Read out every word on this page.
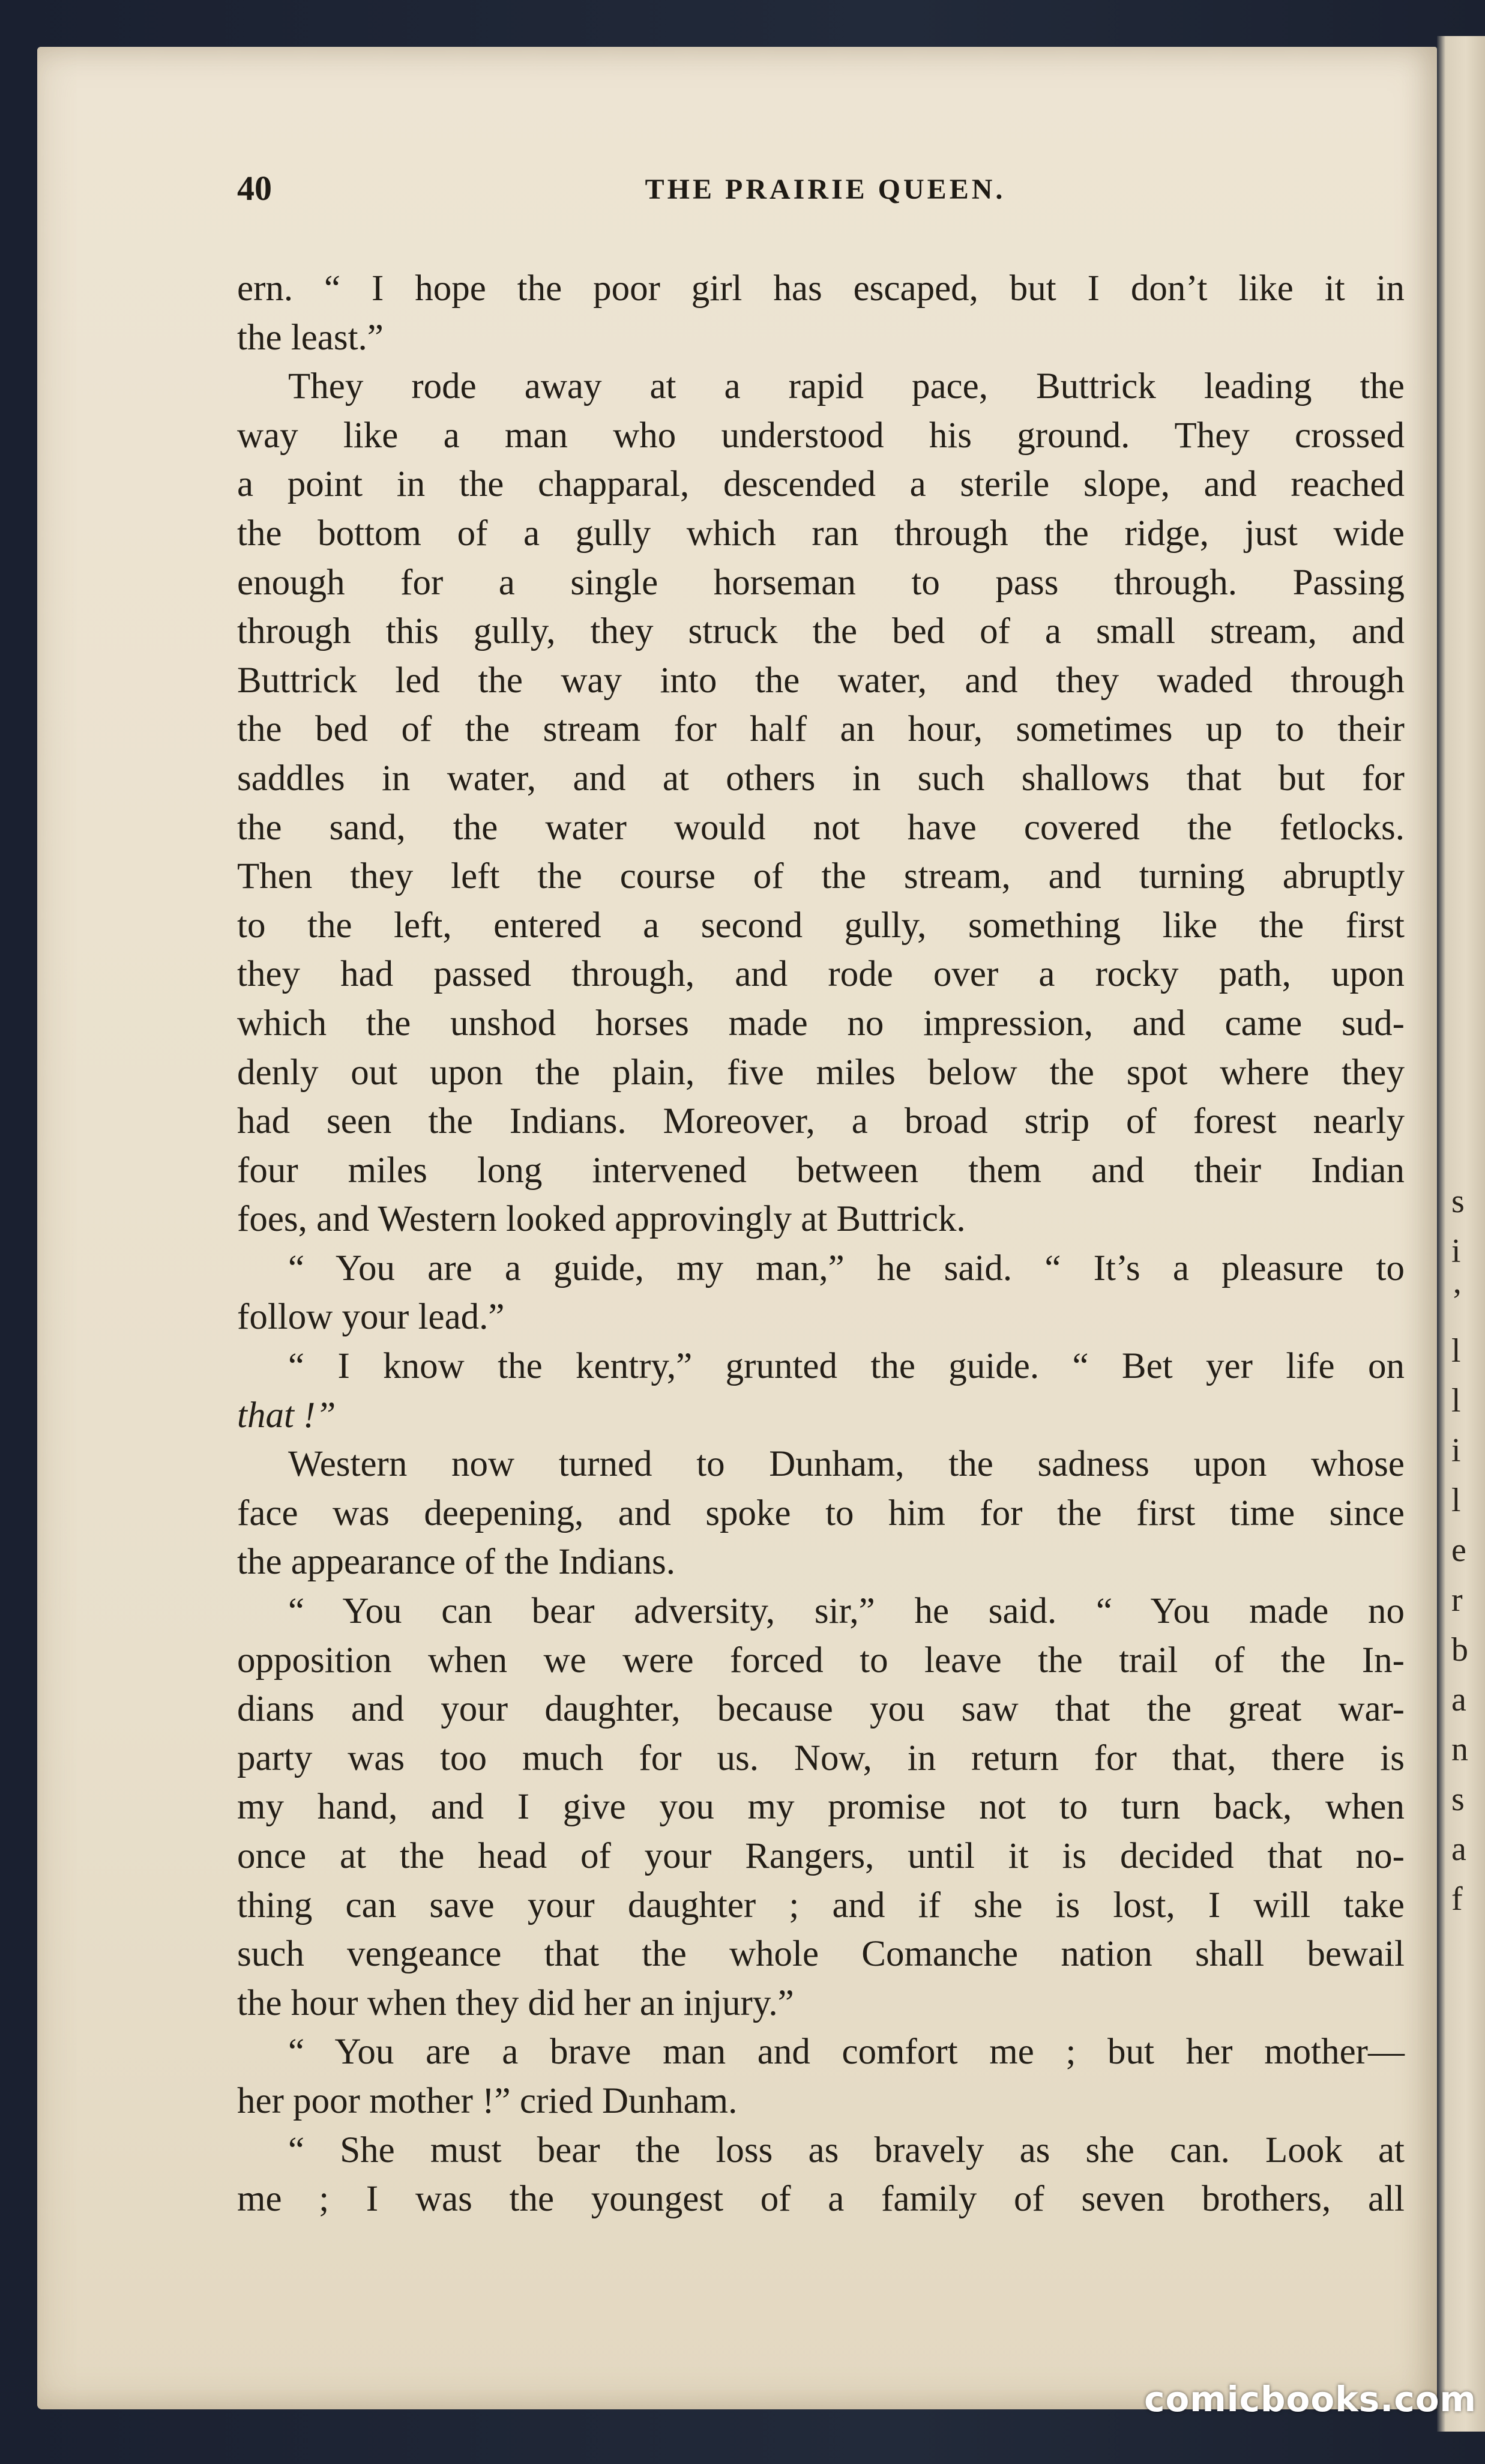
s
i
’
l
l
i
l
e
r
b
a
n
s
a
f
40	THE PRAIRIE QUEEN.
ern. “ I hope the poor girl has escaped, but I don’t like it in
the least.”
They rode away at a rapid pace, Buttrick leading the
way like a man who understood his ground. They crossed
a point in the chapparal, descended a sterile slope, and reached
the bottom of a gully which ran through the ridge, just wide
enough for a single horseman to pass through. Passing
through this gully, they struck the bed of a small stream, and
Buttrick led the way into the water, and they waded through
the bed of the stream for half an hour, sometimes up to their
saddles in water, and at others in such shallows that but for
the sand, the water would not have covered the fetlocks.
Then they left the course of the stream, and turning abruptly
to the left, entered a second gully, something like the first
they had passed through, and rode over a rocky path, upon
which the unshod horses made no impression, and came sud-
denly out upon the plain, five miles below the spot where they
had seen the Indians. Moreover, a broad strip of forest nearly
four miles long intervened between them and their Indian
foes, and Western looked approvingly at Buttrick.
“ You are a guide, my man,” he said. “ It’s a pleasure to
follow your lead.”
“ I know the kentry,” grunted the guide. “ Bet yer life on
that !”
Western now turned to Dunham, the sadness upon whose
face was deepening, and spoke to him for the first time since
the appearance of the Indians.
“ You can bear adversity, sir,” he said. “ You made no
opposition when we were forced to leave the trail of the In-
dians and your daughter, because you saw that the great war-
party was too much for us. Now, in return for that, there is
my hand, and I give you my promise not to turn back, when
once at the head of your Rangers, until it is decided that no-
thing can save your daughter ; and if she is lost, I will take
such vengeance that the whole Comanche nation shall bewail
the hour when they did her an injury.”
“ You are a brave man and comfort me ; but her mother—
her poor mother !” cried Dunham.
“ She must bear the loss as bravely as she can. Look at
me ; I was the youngest of a family of seven brothers, all
comicbooks.com
